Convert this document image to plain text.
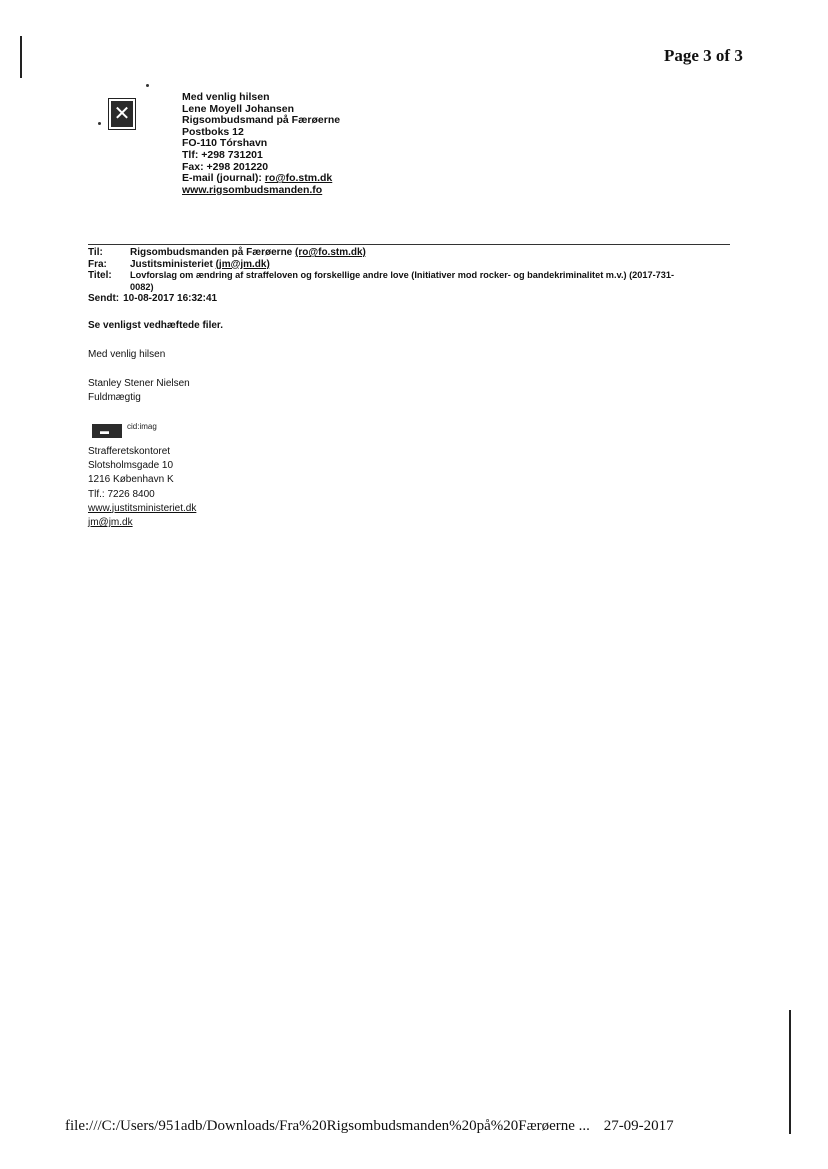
Page 3 of 3
✕
Med venlig hilsen
Lene Moyell Johansen
Rigsombudsmand på Færøerne
Postboks 12
FO-110 Tórshavn
Tlf: +298 731201
Fax: +298 201220
E-mail (journal): ro@fo.stm.dk
www.rigsombudsmanden.fo
Til:	Rigsombudsmanden på Færøerne (ro@fo.stm.dk)
Fra:	Justitsministeriet (jm@jm.dk)
Titel:	Lovforslag om ændring af straffeloven og forskellige andre love (Initiativer mod rocker- og bandekriminalitet m.v.) (2017-731-
0082)
Sendt: 10-08-2017 16:32:41
Se venligst vedhæftede filer.
Med venlig hilsen
Stanley Stener Nielsen
Fuldmægtig
▬ cid:imag
Strafferetskontoret
Slotsholmsgade 10
1216 København K
Tlf.: 7226 8400
www.justitsministeriet.dk
jm@jm.dk
file:///C:/Users/951adb/Downloads/Fra%20Rigsombudsmanden%20på%20Færøerne ... 27-09-2017
